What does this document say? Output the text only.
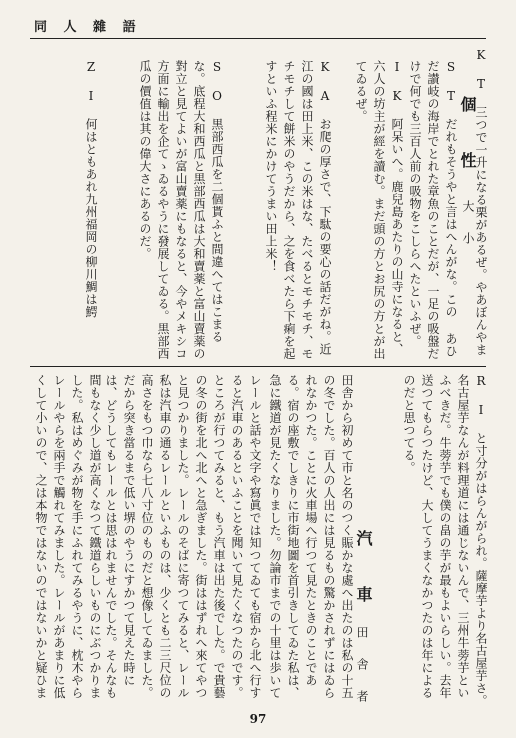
同 人 雜 語
個　性
大　小
K T 三つで一升になる栗があるぜ。やあぼんやま
S T だれもそうやと言はへんがな。この あひだ讃岐の海岸でとれた章魚のことだが、一足の吸盤だけで何でも三百人前の吸物をこしらへたといふぜ。
I K 阿呆いへ。鹿兒島あたりの山寺になると、六人の坊主が經を讀む。まだ頭の方とお尻の方とが出てゐるぜ。
K A お爬の厚さで、下駄の要心の話だがね。近江の國は田上米、この米はな、たべるとモチモチ、モチモチして餅米のやうだから、之を食べたら下痢を起すといふ程米にかけてうまい田上米！
S O 黒部西瓜を二個貰ふと間違へてはこまるな。底程大和西瓜と黒部西瓜は大和賣薬と富山賣薬の對立と見てよいが富山賣薬にもなると、今やメキシコ方面に輸出を企てゝゐるやうに發展してゐる。黒部西瓜の價值は其の偉大さにあるのだ。
Z I 何はともあれ九州福岡の柳川鯛は鰐
R I と寸分がはらんがられ。薩摩芋より名古屋芋さ。名古屋芋なんが料理道には通じないんで、三州牛蒡芋といふべきだ。牛蒡芋でも僕の畠の芋が最もよいらしい。去年送つてもらつたけど、大してうまくなかつたのは年によるのだと思つてる。
汽　車
田　舎　者
田舎から初めて市と名のつく賑かな處へ出たのは私の十五の冬でした。百人の人出には見るもの驚かされずにはゐられなかつた。ことに火車場へ行つて見たときのことである。宿の座敷でしきりに市街地圖を首引きしてゐた私は、急に鐵道が見たくなりました。勿論市までの十里は歩いて
レールと話や文字や寫眞では知つてゐても宿から北へ行すると汽車のあるといふことを聞いて見たくなつたのです。ところが行つてみると、もう汽車は出た後でした。で貴藝の冬の街を北へ北へと急ぎました。街ははずれへ來てやつと見つかりました。レールのそばに寄つてみると、レール
私は汽車の通るレールといふものは、少くとも二三尺位の高さをもつ巾なら七八寸位のものだと想像してゐました。だから突き當るまで低い堺のやうにすかつて見えた時には、どうしてもレールとは思はれませんでした。そんなも
間もなく少し道が高くなつて鐵道らしいものにぶつかりました。私はめぐみが物を手にふれてみるやうに、枕木やらレールやらを兩手で觸れてみました。レールがあまりに低くして小いので、之は本物ではないのではないかと疑ひま
97
